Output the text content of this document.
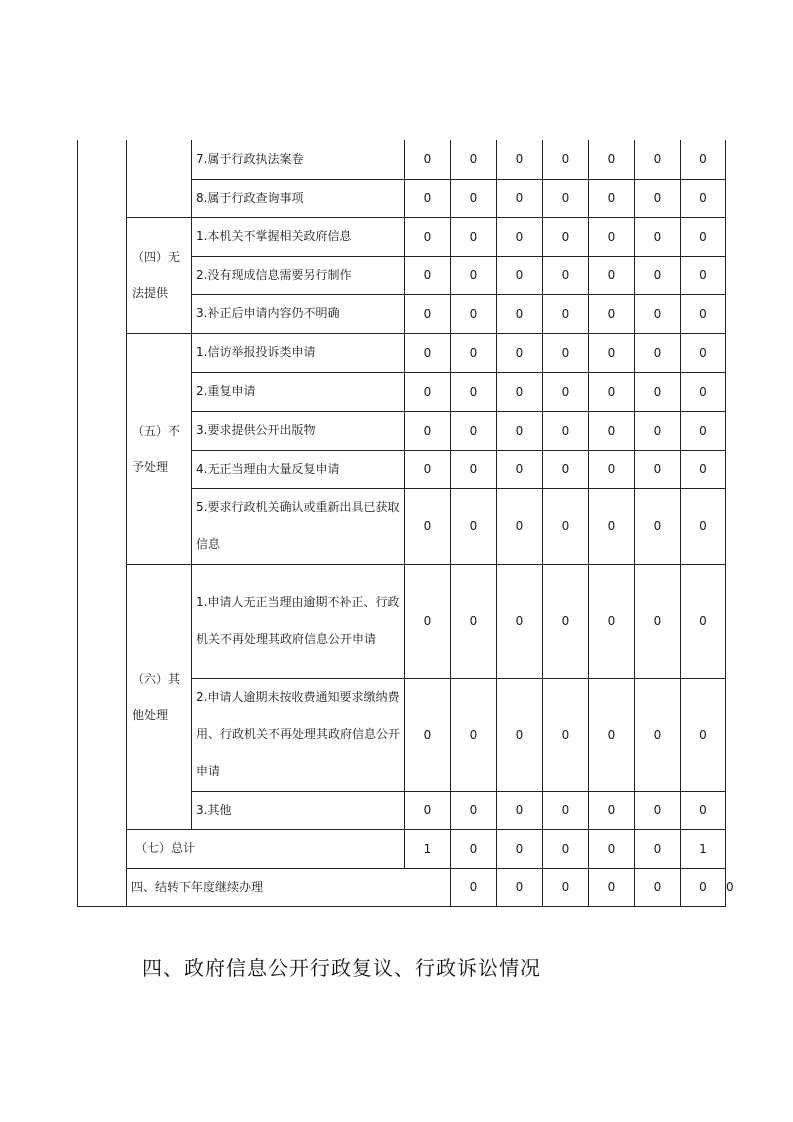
		7.属于行政执法案卷	0	0	0	0	0	0	0	

		8.属于行政查询事项	0	0	0	0	0	0	0	
	（四）无法提供	1.本机关不掌握相关政府信息	0	0	0	0	0	0	0	

		2.没有现成信息需要另行制作	0	0	0	0	0	0	0	

		3.补正后申请内容仍不明确	0	0	0	0	0	0	0	
	（五）不予处理	1.信访举报投诉类申请	0	0	0	0	0	0	0	

		2.重复申请	0	0	0	0	0	0	0	

		3.要求提供公开出版物	0	0	0	0	0	0	0	

		4.无正当理由大量反复申请	0	0	0	0	0	0	0	

		5.要求行政机关确认或重新出具已获取信息	0	0	0	0	0	0	0	
	（六）其他处理	1.申请人无正当理由逾期不补正、行政机关不再处理其政府信息公开申请	0	0	0	0	0	0	0	

		2.申请人逾期未按收费通知要求缴纳费用、行政机关不再处理其政府信息公开申请	0	0	0	0	0	0	0	

		3.其他	0	0	0	0	0	0	0	

	（七）总计		1	0	0	0	0	0	1	

	四、结转下年度继续办理			0	0	0	0	0	0	0
四、政府信息公开行政复议、行政诉讼情况
